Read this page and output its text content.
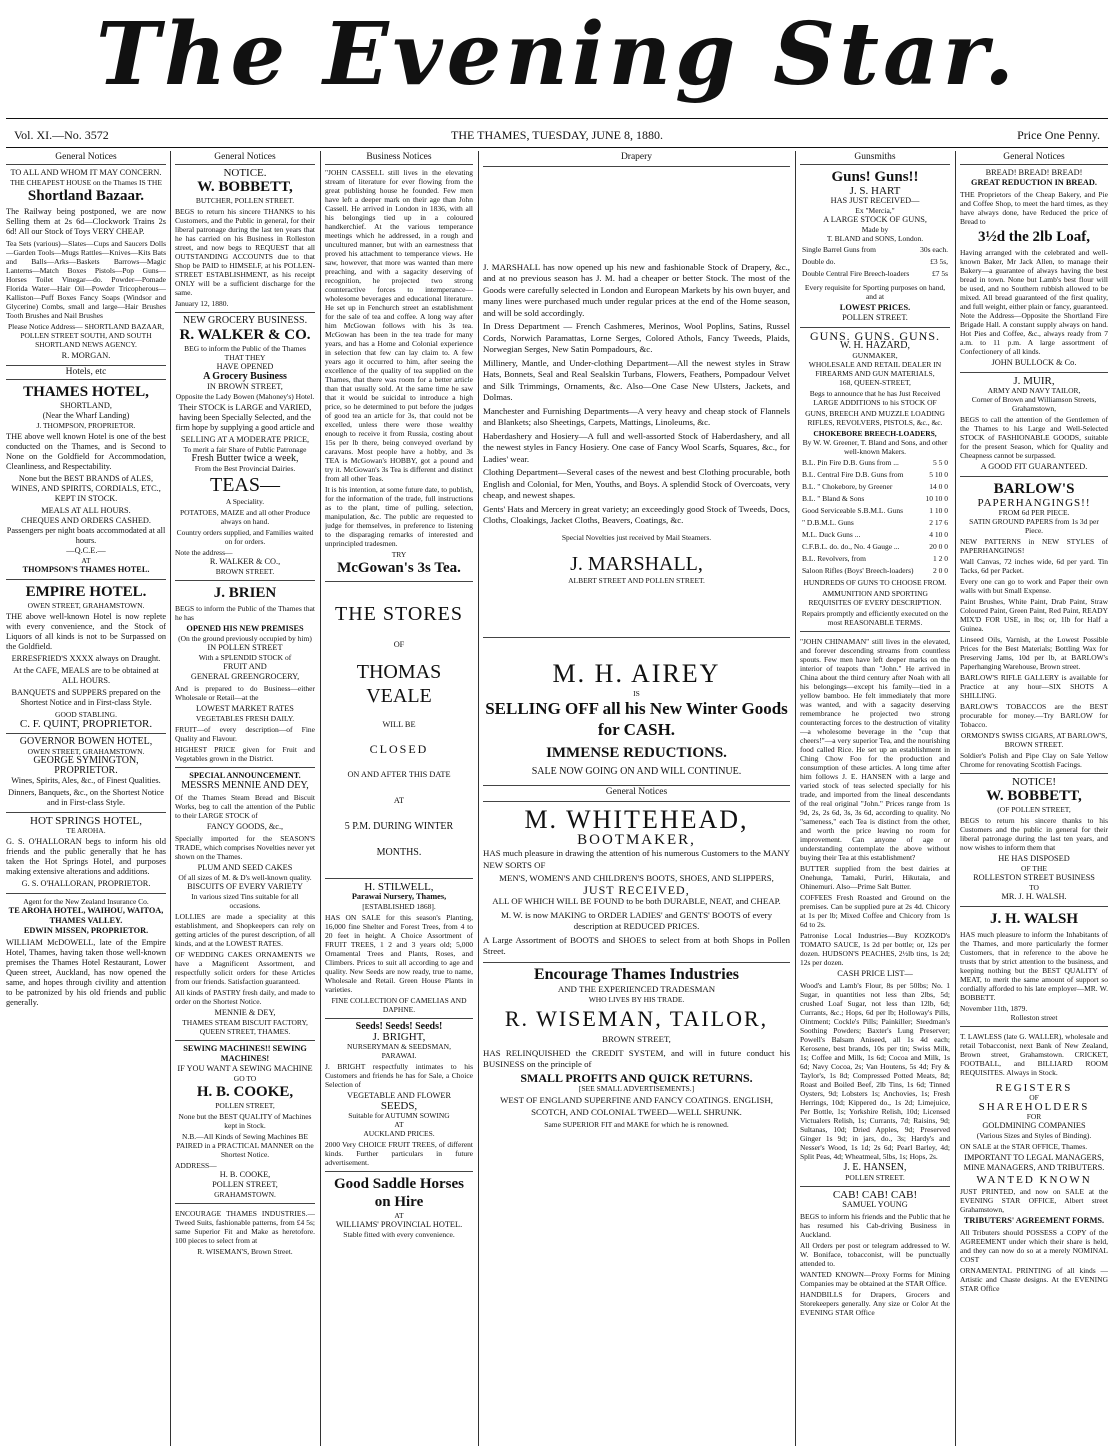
The Evening Star.
Vol. XI.—No. 3572	THE THAMES, TUESDAY, JUNE 8, 1880.	Price One Penny.
General Notices
TO ALL AND WHOM IT MAY CONCERN.
THE CHEAPEST HOUSE on the Thames IS THE
Shortland Bazaar.

The Railway being postponed, we are now Selling them at 2s 6d—Clockwork Trains 2s 6d! All our Stock of Toys VERY CHEAP.

Tea Sets (various)—Slates—Cups and Saucers Dolls—Garden Tools—Mugs Rattles—Knives—Kits Bats and Balls—Arks—Baskets Barrows—Magic Lanterns—Match Boxes Pistols—Pop Guns—Horses Toilet Vinegar—do. Powder—Pomade Florida Water—Hair Oil—Powder Tricopherous—Kalliston—Puff Boxes Fancy Soaps (Windsor and Glycerine) Combs, small and large—Hair Brushes Tooth Brushes and Nail Brushes

Please Notice Address— SHORTLAND BAZAAR, POLLEN STREET SOUTH, AND SOUTH SHORTLAND NEWS AGENCY.

R. MORGAN.
Hotels, etc
THAMES HOTEL,
SHORTLAND,
(Near the Wharf Landing)
J. THOMPSON, PROPRIETOR.

THE above well known Hotel is one of the best conducted on the Thames, and is Second to None on the Goldfield for Accommodation, Cleanliness, and Respectability.

None but the BEST BRANDS of ALES, WINES, AND SPIRITS, CORDIALS, ETC., KEPT IN STOCK.

MEALS AT ALL HOURS.
CHEQUES AND ORDERS CASHED.
Passengers per night boats accommodated at all hours.
—Q.C.E.—
AT
THOMPSON'S THAMES HOTEL.
EMPIRE HOTEL.
OWEN STREET, GRAHAMSTOWN.

THE above well-known Hotel is now replete with every convenience, and the Stock of Liquors of all kinds is not to be Surpassed on the Goldfield.

ERRESFRIED'S XXXX always on Draught.

At the CAFE, MEALS are to be obtained at ALL HOURS.

BANQUETS and SUPPERS prepared on the Shortest Notice and in First-class Style.

GOOD STABLING.
C. F. QUINT, PROPRIETOR.
GOVERNOR BOWEN HOTEL,
OWEN STREET, GRAHAMSTOWN.
GEORGE SYMINGTON, PROPRIETOR.
Wines, Spirits, Ales, &c., of Finest Qualities.

Dinners, Banquets, &c., on the Shortest Notice and in First-class Style.

HOT SPRINGS HOTEL,
TE AROHA.

G. S. O'HALLORAN begs to inform his old friends and the public generally that he has taken the Hot Springs Hotel, and purposes making extensive alterations and additions.

G. S. O'HALLORAN, PROPRIETOR.
Agent for the New Zealand Insurance Co.
TE AROHA HOTEL, WAIHOU, WAITOA, THAMES VALLEY.
EDWIN MISSEN, PROPRIETOR.

WILLIAM McDOWELL, late of the Empire Hotel, Thames, having taken those well-known premises the Thames Hotel Restaurant, Lower Queen street, Auckland, has now opened the same, and hopes through civility and attention to be patronized by his old friends and public generally.

General Notices
NOTICE.
W. BOBBETT,
BUTCHER, POLLEN STREET.

BEGS to return his sincere THANKS to his Customers, and the Public in general, for their liberal patronage during the last ten years that he has carried on his Business in Rolleston street, and now begs to REQUEST that all OUTSTANDING ACCOUNTS due to that Shop be PAID to HIMSELF, at his POLLEN-STREET ESTABLISHMENT, as his receipt ONLY will be a sufficient discharge for the same.

January 12, 1880.
NEW GROCERY BUSINESS.
R. WALKER & CO.
BEG to inform the Public of the Thames THAT THEY
HAVE OPENED
A Grocery Business
IN BROWN STREET,
Opposite the Lady Bowen (Mahoney's) Hotel.

Their STOCK is LARGE and VARIED, having been Specially Selected, and the firm hope by supplying a good article and

SELLING AT A MODERATE PRICE,
To merit a fair Share of Public Patronage
Fresh Butter twice a week,
From the Best Provincial Dairies.
TEAS—
A Speciality.

POTATOES, MAIZE and all other Produce always on hand.

Country orders supplied, and Families waited on for orders.

Note the address—
R. WALKER & CO.,
BROWN STREET.
J. BRIEN

BEGS to inform the Public of the Thames that he has

OPENED HIS NEW PREMISES
(On the ground previously occupied by him)
IN POLLEN STREET
With a SPLENDID STOCK of
FRUIT AND
GENERAL GREENGROCERY,

And is prepared to do Business—either Wholesale or Retail—at the

LOWEST MARKET RATES
VEGETABLES FRESH DAILY.

FRUIT—of every description—of Fine Quality and Flavour.

HIGHEST PRICE given for Fruit and Vegetables grown in the District.

SPECIAL ANNOUNCEMENT.
MESSRS MENNIE AND DEY,

Of the Thames Steam Bread and Biscuit Works, beg to call the attention of the Public to their LARGE STOCK of

FANCY GOODS, &c.,

Specially imported for the SEASON'S TRADE, which comprises Novelties never yet shown on the Thames.

PLUM AND SEED CAKES
Of all sizes of M. & D's well-known quality.
BISCUITS OF EVERY VARIETY
In various sized Tins suitable for all occasions.

LOLLIES are made a speciality at this establishment, and Shopkeepers can rely on getting articles of the purest description, of all kinds, and at the LOWEST RATES.

OF WEDDING CAKES ORNAMENTS we have a Magnificent Assortment, and respectfully solicit orders for these Articles from our friends. Satisfaction guaranteed.

All kinds of PASTRY fresh daily, and made to order on the Shortest Notice.

MENNIE & DEY,
THAMES STEAM BISCUIT FACTORY, QUEEN STREET, THAMES.
SEWING MACHINES!! SEWING MACHINES!
IF YOU WANT A SEWING MACHINE
GO TO
H. B. COOKE,
POLLEN STREET,

None but the BEST QUALITY of Machines kept in Stock.

N.B.—All Kinds of Sewing Machines BE PAIRED in a PRACTICAL MANNER on the Shortest Notice.

ADDRESS—
H. B. COOKE,
POLLEN STREET,
GRAHAMSTOWN.

ENCOURAGE THAMES INDUSTRIES.—Tweed Suits, fashionable patterns, from £4 5s; same Superior Fit and Make as heretofore. 100 pieces to select from at

R. WISEMAN'S, Brown Street.
Business Notices

"JOHN CASSELL still lives in the elevating stream of literature for ever flowing from the great publishing house he founded. Few men have left a deeper mark on their age than John Cassell. He arrived in London in 1836, with all his belongings tied up in a coloured handkerchief. At the various temperance meetings which he addressed, in a rough and uncultured manner, but with an earnestness that proved his attachment to temperance views. He saw, however, that more was wanted than mere preaching, and with a sagacity deserving of recognition, he projected two strong counteractive forces to intemperance—wholesome beverages and educational literature. He set up in Fenchurch street an establishment for the sale of tea and coffee. A long way after him McGowan follows with his 3s tea. McGowan has been in the tea trade for many years, and has a Home and Colonial experience in selection that few can lay claim to. A few years ago it occurred to him, after seeing the excellence of the quality of tea supplied on the Thames, that there was room for a better article than that usually sold. At the same time he saw that it would be suicidal to introduce a high price, so he determined to put before the judges of good tea an article for 3s, that could not be excelled, unless there were those wealthy enough to receive it from Russia, costing about 15s per lb there, being conveyed overland by caravans. Most people have a hobby, and 3s TEA is McGowan's HOBBY, got a pound and try it. McGowan's 3s Tea is different and distinct from all other Teas.

It is his intention, at some future date, to publish, for the information of the trade, full instructions as to the plant, time of pulling, selection, manipulation, &c. The public are requested to judge for themselves, in preference to listening to the disparaging remarks of interested and unprincipled tradesmen.

TRY
McGowan's 3s Tea.
THE STORES
OF
THOMAS VEALE
WILL BE
CLOSED
ON AND AFTER THIS DATE
AT
5 P.M. DURING WINTER
MONTHS.
H. STILWELL,
Parawai Nursery, Thames,
[ESTABLISHED 1868].

HAS ON SALE for this season's Planting, 16,000 fine Shelter and Forest Trees, from 4 to 20 feet in height. A Choice Assortment of FRUIT TREES, 1 2 and 3 years old; 5,000 Ornamental Trees and Plants, Roses, and Climbers. Prices to suit all according to age and quality. New Seeds are now ready, true to name, Wholesale and Retail. Green House Plants in varieties.

FINE COLLECTION OF CAMELIAS AND DAPHNE.
Seeds! Seeds! Seeds!
J. BRIGHT,
NURSERYMAN & SEEDSMAN,
PARAWAI.

J. BRIGHT respectfully intimates to his Customers and friends he has for Sale, a Choice Selection of

VEGETABLE AND FLOWER
SEEDS,
Suitable for AUTUMN SOWING
AT
AUCKLAND PRICES.

2000 Very CHOICE FRUIT TREES, of different kinds. Further particulars in future advertisement.

Good Saddle Horses
on Hire
AT
WILLIAMS' PROVINCIAL HOTEL.
Stable fitted with every convenience.
Drapery

J. MARSHALL has now opened up his new and fashionable Stock of Drapery, &c., and at no previous season has J. M. had a cheaper or better Stock. The most of the Goods were carefully selected in London and European Markets by his own buyer, and many lines were purchased much under regular prices at the end of the Home season, and will be sold accordingly.

In Dress Department — French Cashmeres, Merinos, Wool Poplins, Satins, Russel Cords, Norwich Paramattas, Lorne Serges, Colored Athols, Fancy Tweeds, Plaids, Norwegian Serges, New Satin Pompadours, &c.

Millinery, Mantle, and Under-clothing Department—All the newest styles in Straw Hats, Bonnets, Seal and Real Sealskin Turbans, Flowers, Feathers, Pompadour Velvet and Silk Trimmings, Ornaments, &c. Also—One Case New Ulsters, Jackets, and Dolmas.

Manchester and Furnishing Departments—A very heavy and cheap stock of Flannels and Blankets; also Sheetings, Carpets, Mattings, Linoleums, &c.

Haberdashery and Hosiery—A full and well-assorted Stock of Haberdashery, and all the newest styles in Fancy Hosiery. One case of Fancy Wool Scarfs, Squares, &c., for Ladies' wear.

Clothing Department—Several cases of the newest and best Clothing procurable, both English and Colonial, for Men, Youths, and Boys. A splendid Stock of Overcoats, very cheap, and newest shapes.

Gents' Hats and Mercery in great variety; an exceedingly good Stock of Tweeds, Docs, Cloths, Cloakings, Jacket Cloths, Beavers, Coatings, &c.

Special Novelties just received by Mail Steamers.
J. MARSHALL,
ALBERT STREET AND POLLEN STREET.
M. H. AIREY
IS
SELLING OFF all his New Winter Goods for CASH.
IMMENSE REDUCTIONS.
SALE NOW GOING ON AND WILL CONTINUE.
General Notices
M. WHITEHEAD,
BOOTMAKER,

HAS much pleasure in drawing the attention of his numerous Customers to the MANY NEW SORTS OF

MEN'S, WOMEN'S AND CHILDREN'S BOOTS, SHOES, AND SLIPPERS,
JUST RECEIVED,
ALL OF WHICH WILL BE FOUND to be both DURABLE, NEAT, and CHEAP.

M. W. is now MAKING to ORDER LADIES' and GENTS' BOOTS of every description at REDUCED PRICES.

A Large Assortment of BOOTS and SHOES to select from at both Shops in Pollen Street.

Encourage Thames Industries
AND THE EXPERIENCED TRADESMAN
WHO LIVES BY HIS TRADE.
R. WISEMAN, TAILOR,
BROWN STREET,

HAS RELINQUISHED the CREDIT SYSTEM, and will in future conduct his BUSINESS on the principle of

SMALL PROFITS AND QUICK RETURNS.
[SEE SMALL ADVERTISEMENTS.]

WEST OF ENGLAND SUPERFINE AND FANCY COATINGS. ENGLISH, SCOTCH, AND COLONIAL TWEED—WELL SHRUNK.

Same SUPERIOR FIT and MAKE for which he is renowned.
Gunsmiths
Guns! Guns!!
J. S. HART
HAS JUST RECEIVED—
Ex "Mercia,"
A LARGE STOCK OF GUNS,
Made by
T. BLAND and SONS, London.
Single Barrel Guns from	30s each.
Double do.	£3 5s,
Double Central Fire Breech-loaders	£7 5s

Every requisite for Sporting purposes on hand, and at

LOWEST PRICES.
POLLEN STREET.
GUNS. GUNS. GUNS.
W. H. HAZARD,
GUNMAKER,
WHOLESALE AND RETAIL DEALER IN FIREARMS AND GUN MATERIALS,
168, QUEEN-STREET,

Begs to announce that he has Just Received LARGE ADDITIONS to his STOCK OF

GUNS, BREECH AND MUZZLE LOADING RIFLES, REVOLVERS, PISTOLS, &c., &c.

CHOKEBORE BREECH-LOADERS,
By W. W. Greener, T. Bland and Sons, and other well-known Makers.
B.L. Pin Fire D.B. Guns from ...	5 5 0
B.L. Central Fire D.B. Guns from	5 10 0
B.L. " Chokebore, by Greener	14 0 0
B.L. " Bland & Sons	10 10 0
Good Serviceable S.B.M.L. Guns	1 10 0
" D.B.M.L. Guns	2 17 6
M.L. Duck Guns ...	4 10 0
C.F.B.L. do. do., No. 4 Gauge ...	20 0 0
B.L. Revolvers, from	1 2 0
Saloon Rifles (Boys' Breech-loaders)	2 0 0
HUNDREDS OF GUNS TO CHOOSE FROM.

AMMUNITION AND SPORTING REQUISITES OF EVERY DESCRIPTION.

Repairs promptly and efficiently executed on the most REASONABLE TERMS.

"JOHN CHINAMAN" still lives in the elevated, and forever descending streams from countless spouts. Few men have left deeper marks on the interior of teapots than "John." He arrived in China about the third century after Noah with all his belongings—except his family—tied in a yellow bamboo. He felt immediately that more was wanted, and with a sagacity deserving remembrance he projected two strong counteracting forces to the destruction of vitality —a wholesome beverage in the "cup that cheers!"—a very superior Tea, and the nourishing food called Rice. He set up an establishment in Ching Chow Foo for the production and consumption of these articles. A long time after him follows J. E. HANSEN with a large and varied stock of teas selected specially for his trade, and imported from the lineal descendants of the real original "John." Prices range from 1s 9d, 2s, 2s 6d, 3s, 3s 6d, according to quality. No "sameness," each Tea is distinct from the other, and worth the price leaving no room for improvement. Can anyone of age or understanding contemplate the above without buying their Tea at this establishment?

BUTTER supplied from the best dairies at Onehunga, Tamaki, Puriri, Hikutaia, and Ohinemuri. Also—Prime Salt Butter.

COFFEES Fresh Roasted and Ground on the premises. Can be supplied pure at 2s 4d. Chicory at 1s per lb; Mixed Coffee and Chicory from 1s 6d to 2s.

Patronise Local Industries—Buy KOZKOD's TOMATO SAUCE, 1s 2d per bottle; or, 12s per dozen. HUDSON'S PEACHES, 2½lb tins, 1s 2d; 12s per dozen.

CASH PRICE LIST—

Wood's and Lamb's Flour, 8s per 50lbs; No. 1 Sugar, in quantities not less than 2lbs, 5d; crushed Loaf Sugar, not less than 12lb, 6d; Currants, &c.; Hops, 6d per lb; Holloway's Pills, Ointment; Cockle's Pills; Painkiller; Steedman's Soothing Powders; Baxter's Lung Preserver; Powell's Balsam Aniseed, all 1s 4d each; Kerosene, best brands, 10s per tin; Swiss Milk, 1s; Coffee and Milk, 1s 6d; Cocoa and Milk, 1s 6d; Navy Cocoa, 2s; Van Houtens, 5s 4d; Fry & Taylor's, 1s 8d; Compressed Potted Meats, 8d; Roast and Boiled Beef, 2lb Tins, 1s 6d; Tinned Oysters, 9d; Lobsters 1s; Anchovies, 1s; Fresh Herrings, 10d; Kippered do., 1s 2d; Limejuice, Per Bottle, 1s; Yorkshire Relish, 10d; Licensed Victualers Relish, 1s; Currants, 7d; Raisins, 9d; Sultanas, 10d; Dried Apples, 9d; Preserved Ginger 1s 9d; in jars, do., 3s; Hardy's and Nesser's Wood, 1s 1d; 2s 6d; Pearl Barley, 4d; Split Peas, 4d; Wheatmeal, 5lbs, 1s; Hops, 2s.

J. E. HANSEN,
POLLEN STREET.
CAB! CAB! CAB!
SAMUEL YOUNG

BEGS to inform his friends and the Public that he has resumed his Cab-driving Business in Auckland.

All Orders per post or telegram addressed to W. W. Boniface, tobacconist, will be punctually attended to.

WANTED KNOWN—Proxy Forms for Mining Companies may be obtained at the STAR Office.

HANDBILLS for Drapers, Grocers and Storekeepers generally. Any size or Color At the EVENING STAR Office

General Notices
BREAD! BREAD! BREAD!
GREAT REDUCTION IN BREAD.

THE Proprietors of the Cheap Bakery, and Pie and Coffee Shop, to meet the hard times, as they have always done, have Reduced the price of Bread to

3½d the 2lb Loaf,

Having arranged with the celebrated and well-known Baker, Mr Jack Allen, to manage their Bakery—a guarantee of always having the best bread in town. None but Lamb's best flour will be used, and no Southern rubbish allowed to be mixed. All bread guaranteed of the first quality, and full weight, either plain or fancy, guaranteed. Note the Address—Opposite the Shortland Fire Brigade Hall. A constant supply always on hand. Hot Pies and Coffee, &c., always ready from 7 a.m. to 11 p.m. A large assortment of Confectionery of all kinds.

JOHN BULLOCK & Co.
J. MUIR,
ARMY AND NAVY TAILOR,
Corner of Brown and Williamson Streets, Grahamstown,

BEGS to call the attention of the Gentlemen of the Thames to his Large and Well-Selected STOCK of FASHIONABLE GOODS, suitable for the present Season, which for Quality and Cheapness cannot be surpassed.

A GOOD FIT GUARANTEED.
BARLOW'S
PAPERHANGINGS!!
FROM 6d PER PIECE.
SATIN GROUND PAPERS from 1s 3d per Piece.

NEW PATTERNS in NEW STYLES of PAPERHANGINGS!

Wall Canvas, 72 inches wide, 6d per yard. Tin Tacks, 6d per Packet.

Every one can go to work and Paper their own walls with but Small Expense.

Paint Brushes, White Paint, Drab Paint, Straw Coloured Paint, Green Paint, Red Paint, READY MIX'D FOR USE, in lbs; or, 1lb for Half a Guinea.

Linseed Oils, Varnish, at the Lowest Possible Prices for the Best Materials; Bottling Wax for Preserving Jams, 10d per lb, at BARLOW's Paperhanging Warehouse, Brown street.

BARLOW'S RIFLE GALLERY is available for Practice at any hour—SIX SHOTS A SHILLING.

BARLOW'S TOBACCOS are the BEST procurable for money.—Try BARLOW for Tobacco.

ORMOND'S SWISS CIGARS, AT BARLOW'S, BROWN STREET.

Soldier's Polish and Pipe Clay on Sale Yellow Chrome for renovating Scottish Facings.

NOTICE!
W. BOBBETT,
(OF POLLEN STREET,

BEGS to return his sincere thanks to his Customers and the public in general for their liberal patronage during the last ten years, and now wishes to inform them that

HE HAS DISPOSED
OF THE
ROLLESTON STREET BUSINESS
TO
MR. J. H. WALSH.
J. H. WALSH

HAS much pleasure to inform the Inhabitants of the Thames, and more particularly the former Customers, that in reference to the above he trusts that by strict attention to the business, and keeping nothing but the BEST QUALITY of MEAT, to merit the same amount of support so cordially afforded to his late employer—MR. W. BOBBETT.

November 11th, 1879.
Rolleston street

T. LAWLESS (late G. WALLER), wholesale and retail Tobacconist, next Bank of New Zealand, Brown street, Grahamstown. CRICKET, FOOTBALL, and BILLIARD ROOM REQUISITES. Always in Stock.

REGISTERS
OF
SHAREHOLDERS
FOR
GOLDMINING COMPANIES
(Various Sizes and Styles of Binding).

ON SALE at the STAR OFFICE, Thames.

IMPORTANT TO LEGAL MANAGERS, MINE MANAGERS, AND TRIBUTERS.

WANTED KNOWN

JUST PRINTED, and now on SALE at the EVENING STAR OFFICE, Albert street Grahamstown,

TRIBUTERS' AGREEMENT FORMS.

All Tributers should POSSESS a COPY of the AGREEMENT under which their share is held, and they can now do so at a merely NOMINAL COST

ORNAMENTAL PRINTING of all kinds —Artistic and Chaste designs. At the EVENING STAR Office
